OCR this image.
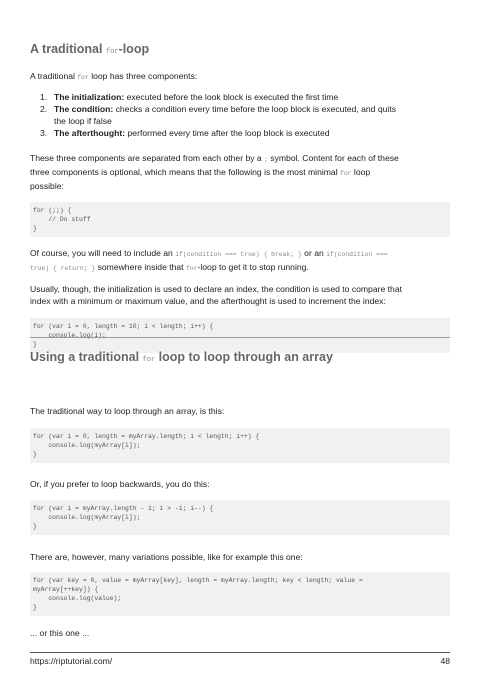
A traditional for-loop

A traditional for loop has three components:

1. The initialization: executed before the look block is executed the first time
2. The condition: checks a condition every time before the loop block is executed, and quits
the loop if false
3. The afterthought: performed every time after the loop block is executed

These three components are separated from each other by a ; symbol. Content for each of these
three components is optional, which means that the following is the most minimal for loop
possible:

for (;;) {
// Do stuff
}

Of course, you will need to include an if(condition === true) { break; } or an if(condition ===
true) { return; } somewhere inside that for-loop to get it to stop running.

Usually, though, the initialization is used to declare an index, the condition is used to compare that
index with a minimum or maximum value, and the afterthought is used to increment the index:

for (var i = 0, length = 10; i < length; i++) {
console.log(i);
}
Using a traditional for loop to loop through an array

The traditional way to loop through an array, is this:

for (var i = 0, length = myArray.length; i < length; i++) {
console.log(myArray[i]);
}

Or, if you prefer to loop backwards, you do this:

for (var i = myArray.length - 1; i > -1; i--) {
console.log(myArray[i]);
}

There are, however, many variations possible, like for example this one:

for (var key = 0, value = myArray[key], length = myArray.length; key < length; value =
myArray[++key]) {
console.log(value);
}

... or this one ...

https://riptutorial.com/	48
